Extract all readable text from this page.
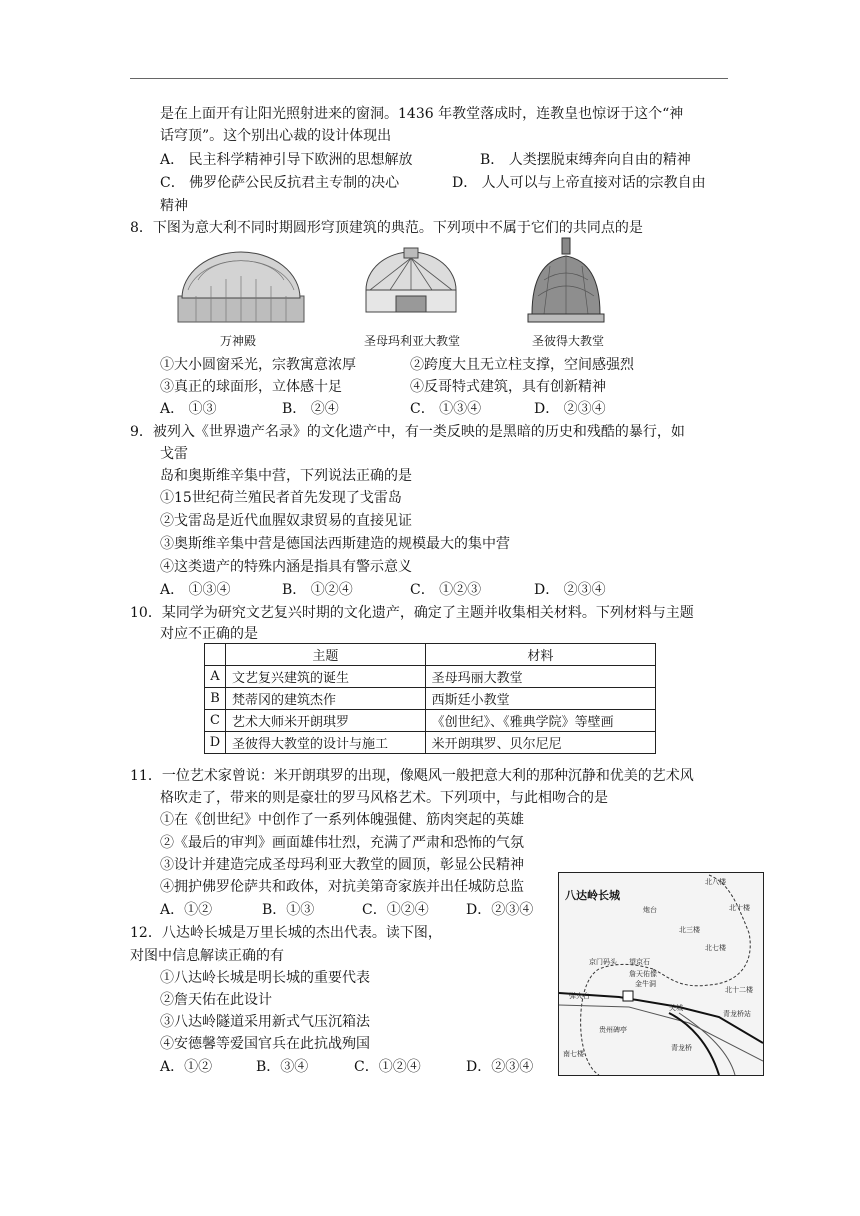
是在上面开有让阳光照射进来的窗洞。1436 年教堂落成时，连教皇也惊讶于这个“神
话穹顶”。这个别出心裁的设计体现出
A． 民主科学精神引导下欧洲的思想解放	B． 人类摆脱束缚奔向自由的精神
C． 佛罗伦萨公民反抗君主专制的决心	D． 人人可以与上帝直接对话的宗教自由
精神
8．下图为意大利不同时期圆形穹顶建筑的典范。下列项中不属于它们的共同点的是
万神殿	圣母玛利亚大教堂	圣彼得大教堂
①大小圆窗采光，宗教寓意浓厚	②跨度大且无立柱支撑，空间感强烈
③真正的球面形，立体感十足	④反哥特式建筑，具有创新精神
A． ①③	B． ②④	C． ①③④	D． ②③④
9．被列入《世界遗产名录》的文化遗产中，有一类反映的是黑暗的历史和残酷的暴行，如
戈雷
岛和奥斯维辛集中营，下列说法正确的是
①15世纪荷兰殖民者首先发现了戈雷岛
②戈雷岛是近代血腥奴隶贸易的直接见证
③奥斯维辛集中营是德国法西斯建造的规模最大的集中营
④这类遗产的特殊内涵是指具有警示意义
A． ①③④	B． ①②④	C． ①②③	D． ②③④
10．某同学为研究文艺复兴时期的文化遗产，确定了主题并收集相关材料。下列材料与主题
对应不正确的是
	主题	材料
A	文艺复兴建筑的诞生	圣母玛丽大教堂
B	梵蒂冈的建筑杰作	西斯廷小教堂
C	艺术大师米开朗琪罗	《创世纪》、《雅典学院》等壁画
D	圣彼得大教堂的设计与施工	米开朗琪罗、贝尔尼尼
11．一位艺术家曾说：米开朗琪罗的出现，像飓风一般把意大利的那种沉静和优美的艺术风
格吹走了，带来的则是豪壮的罗马风格艺术。下列项中，与此相吻合的是
①在《创世纪》中创作了一系列体魄强健、筋肉突起的英雄
②《最后的审判》画面雄伟壮烈，充满了严肃和恐怖的气氛
③设计并建造完成圣母玛利亚大教堂的圆顶，彰显公民精神
④拥护佛罗伦萨共和政体，对抗美第奇家族并出任城防总监
A．①②	B．①③	C．①②④	D．②③④
12．八达岭长城是万里长城的杰出代表。读下图，
对图中信息解读正确的有
①八达岭长城是明长城的重要代表
②詹天佑在此设计
③八达岭隧道采用新式气压沉箱法
④安德馨等爱国官兵在此抗战殉国
A．①②	B．③④	C．①②④	D．②③④
八达岭长城
北八楼
北十楼
北三楼
北七楼
炮台
北十二楼
京门码头 望京石
詹天佑像
金牛洞
弹火台
青龙桥站
贵州碑亭
南七楼
青龙桥
关城
